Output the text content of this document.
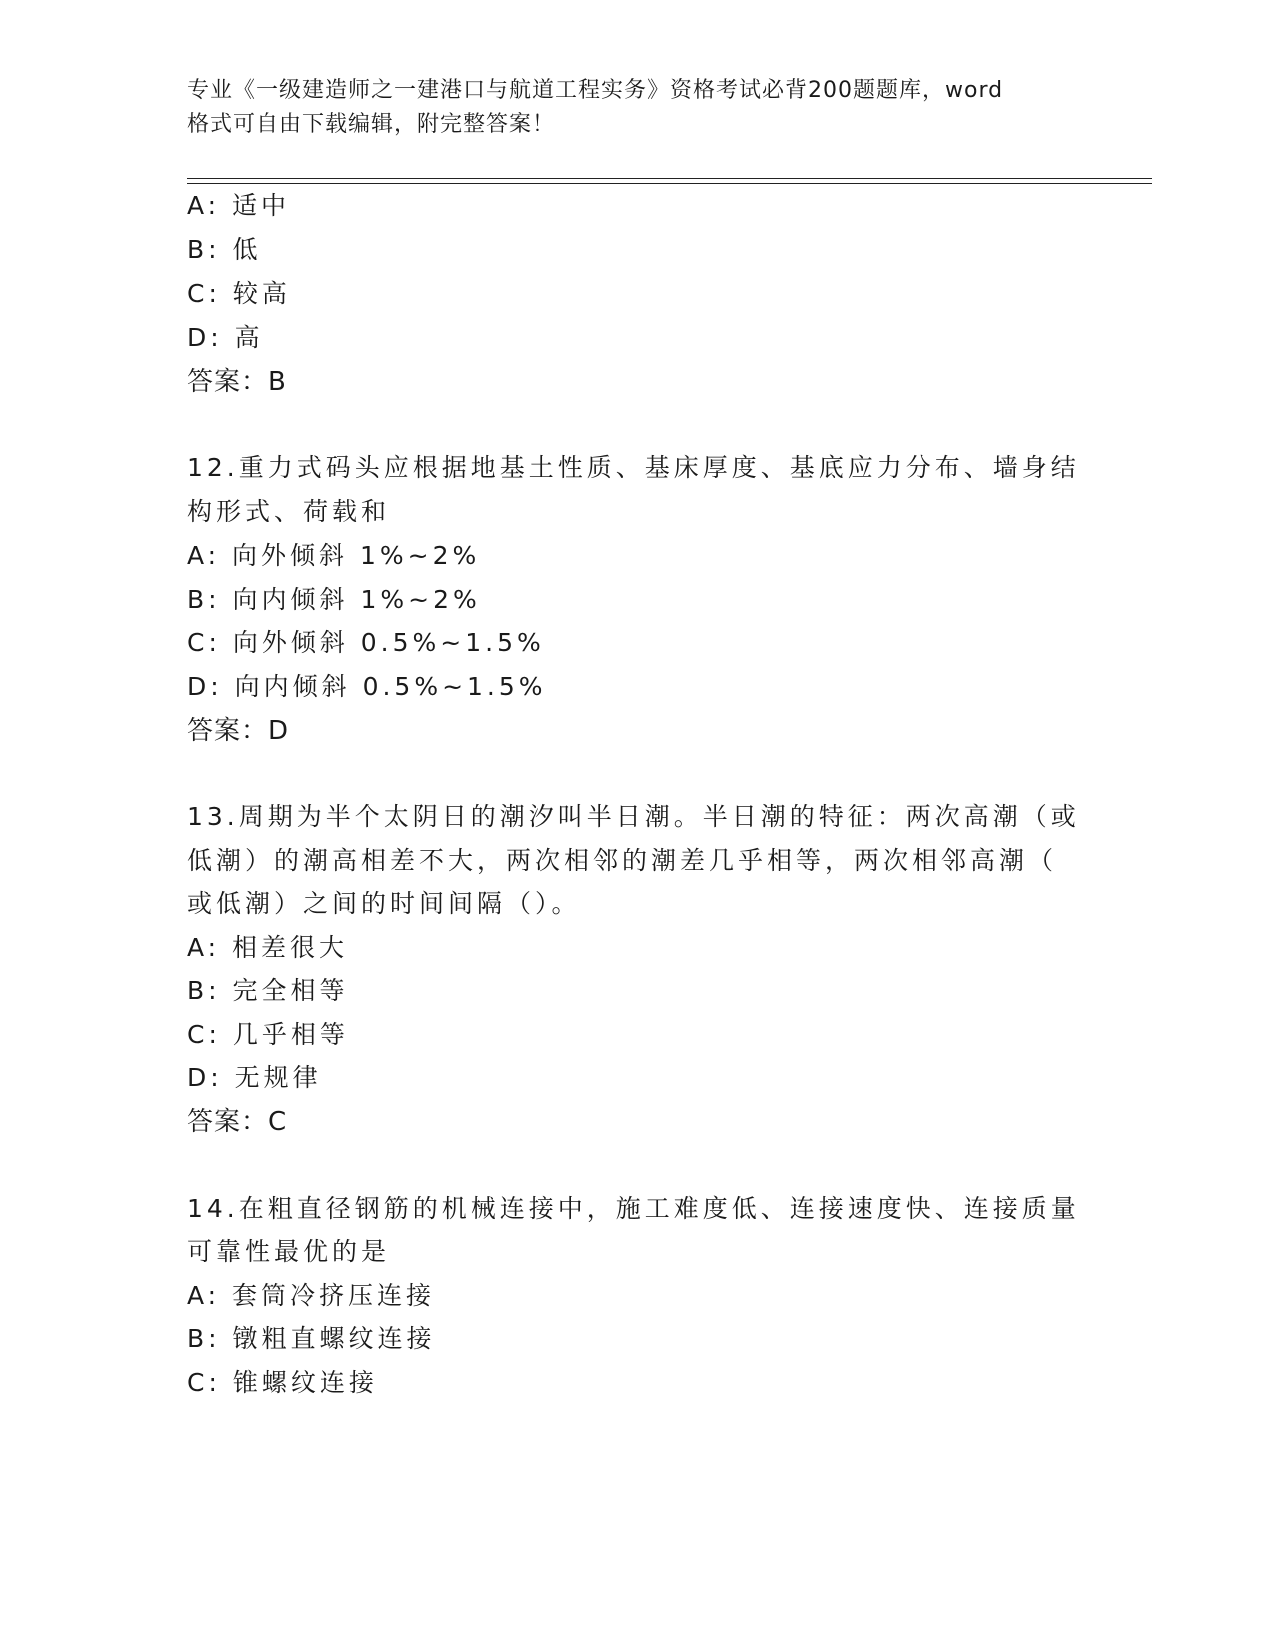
专业《一级建造师之一建港口与航道工程实务》资格考试必背200题题库，word
格式可自由下载编辑，附完整答案！
A: 适中
B: 低
C: 较高
D: 高
答案：B
12.重力式码头应根据地基土性质、基床厚度、基底应力分布、墙身结
构形式、荷载和
A: 向外倾斜 1%~2%
B: 向内倾斜 1%~2%
C: 向外倾斜 0.5%~1.5%
D: 向内倾斜 0.5%~1.5%
答案：D
13.周期为半个太阴日的潮汐叫半日潮。半日潮的特征：两次高潮（或
低潮）的潮高相差不大，两次相邻的潮差几乎相等，两次相邻高潮（
或低潮）之间的时间间隔（）。
A: 相差很大
B: 完全相等
C: 几乎相等
D: 无规律
答案：C
14.在粗直径钢筋的机械连接中，施工难度低、连接速度快、连接质量
可靠性最优的是
A: 套筒冷挤压连接
B: 镦粗直螺纹连接
C: 锥螺纹连接
